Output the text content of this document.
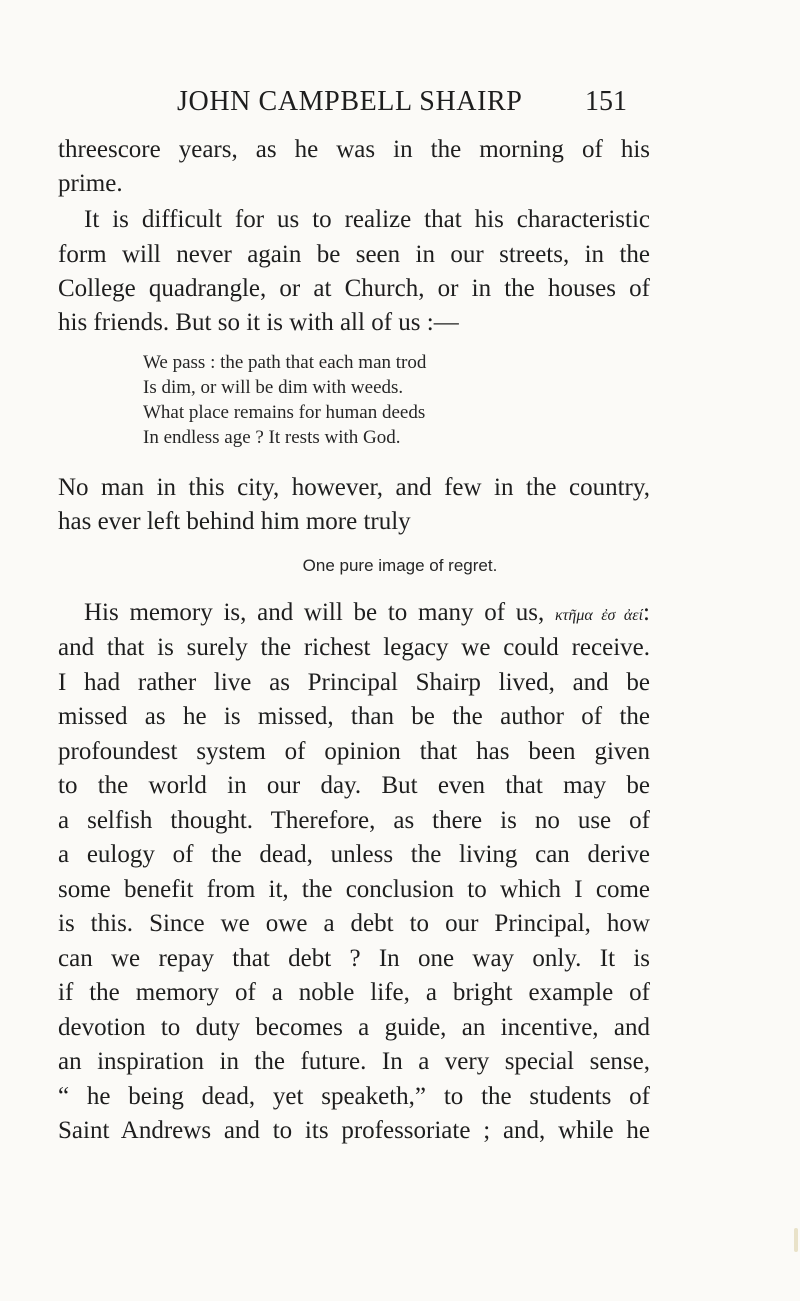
JOHN CAMPBELL SHAIRP 151
threescore years, as he was in the morning of his
prime.
It is difficult for us to realize that his characteristic
form will never again be seen in our streets, in the
College quadrangle, or at Church, or in the houses of
his friends. But so it is with all of us :—
We pass : the path that each man trod
Is dim, or will be dim with weeds.
What place remains for human deeds
In endless age ? It rests with God.
No man in this city, however, and few in the country,
has ever left behind him more truly
One pure image of regret.
His memory is, and will be to many of us, κτῆμα ἐσ ἀεί:
and that is surely the richest legacy we could receive.
I had rather live as Principal Shairp lived, and be
missed as he is missed, than be the author of the
profoundest system of opinion that has been given
to the world in our day. But even that may be
a selfish thought. Therefore, as there is no use of
a eulogy of the dead, unless the living can derive
some benefit from it, the conclusion to which I come
is this. Since we owe a debt to our Principal, how
can we repay that debt ? In one way only. It is
if the memory of a noble life, a bright example of
devotion to duty becomes a guide, an incentive, and
an inspiration in the future. In a very special sense,
“ he being dead, yet speaketh,” to the students of
Saint Andrews and to its professoriate ; and, while he
